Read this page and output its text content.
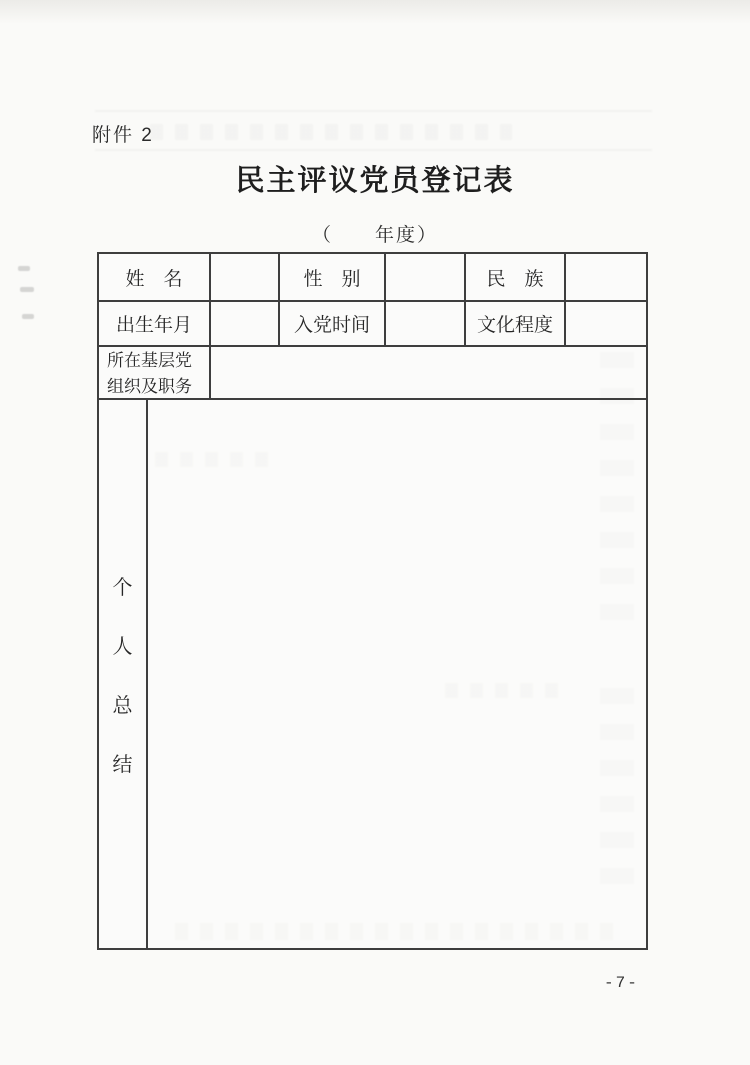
附件 2
民主评议党员登记表
（　　年度）
姓　名	性　别	民　族
出生年月	入党时间	文化程度
所在基层党
组织及职务
个
人
总
结
-7-
